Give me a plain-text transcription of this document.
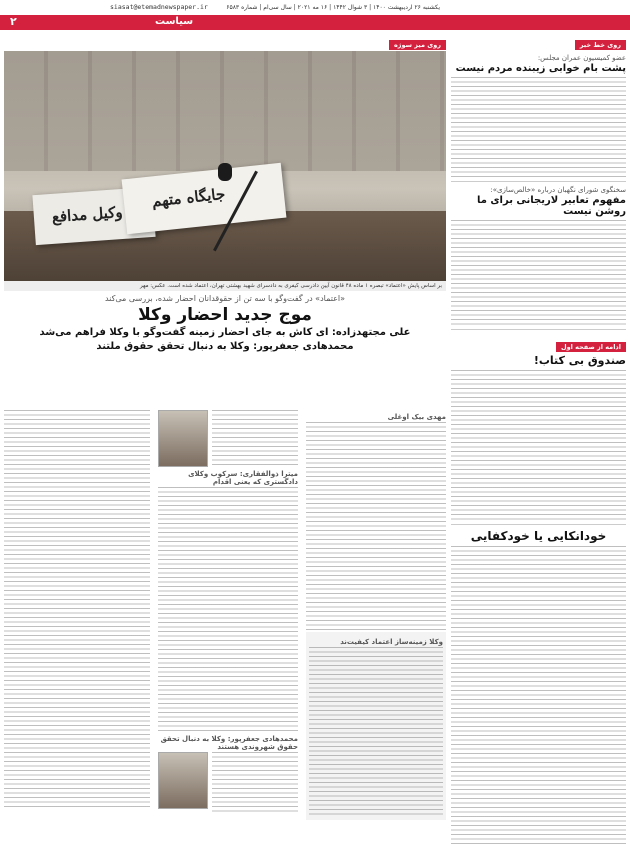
یکشنبه ۲۶ اردیبهشت ۱۴۰۰ | ۳ شوال ۱۴۴۲ | ۱۶ مه ۲۰۲۱ | سال سی‌ام | شماره ۶۵۸۳
siasat@etemadnewspaper.ir
۲	سیاست
روی خط خبر
عضو کمیسیون عمران مجلس:
پشت بام خوابی زیبنده مردم نیست
سخنگوی شورای نگهبان درباره «خالص‌سازی»:
مفهوم تعابیر لاریجانی برای ما روشن نیست
ادامه از صفحه اول
صندوق بی کتاب!
خودانکایی یا خودکفایی
روی میز سوژه
وکیل مدافع
جایگاه متهم
بر اساس پایش «اعتماد» تبصره ۱ ماده ۴۸ قانون آیین دادرسی کیفری به دادسرای شهید بهشتی تهران، اعتماد شده است. عکس: مهر
«اعتماد» در گفت‌وگو با سه تن از حقوقدانان احضار شده، بررسی می‌کند
موج جدید احضار وکلا
علی مجتهدزاده: ای کاش به جای احضار زمینه گفت‌وگو با وکلا فراهم می‌شد
محمدهادی جعفرپور: وکلا به دنبال تحقق حقوق ملتند
مهدی بیک اوغلی
وکلا زمینه‌ساز اعتماد کیفیت‌ند
میترا ذوالفقاری: سرکوب وکلای دادگستری که یعنی اقدام
محمدهادی جعفرپور: وکلا به دنبال تحقق حقوق شهروندی هستند
